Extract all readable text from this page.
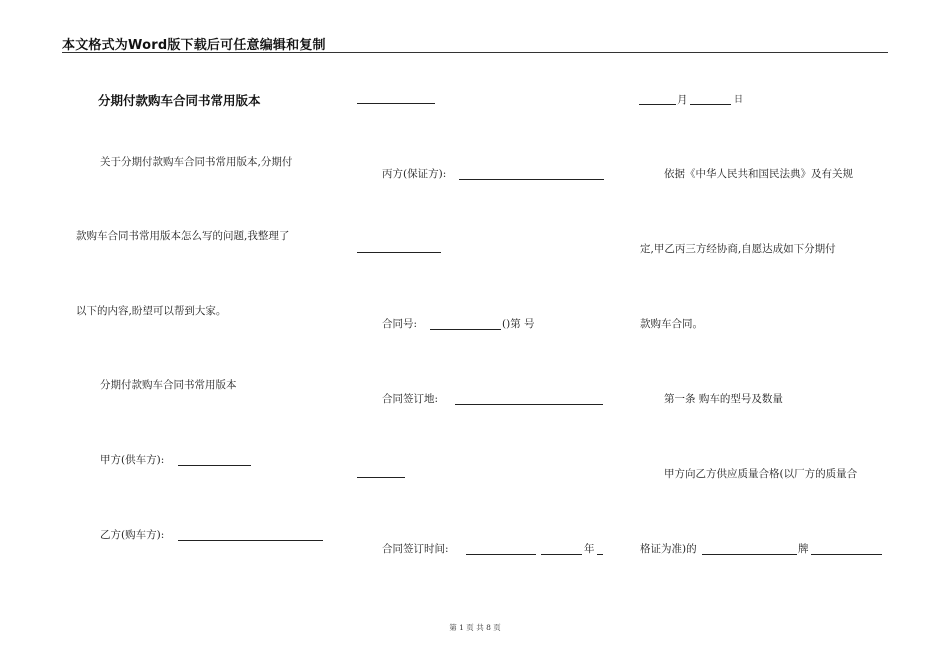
本文格式为Word版下载后可任意编辑和复制
分期付款购车合同书常用版本
关于分期付款购车合同书常用版本,分期付
款购车合同书常用版本怎么写的问题,我整理了
以下的内容,盼望可以帮到大家。
分期付款购车合同书常用版本
甲方(供车方):
乙方(购车方):
丙方(保证方):
合同号:	()第 号
合同签订地:
合同签订时间:	年
月	日
依据《中华人民共和国民法典》及有关规
定,甲乙丙三方经协商,自愿达成如下分期付
款购车合同。
第一条 购车的型号及数量
甲方向乙方供应质量合格(以厂方的质量合
格证为准)的	牌
第 1 页 共 8 页
